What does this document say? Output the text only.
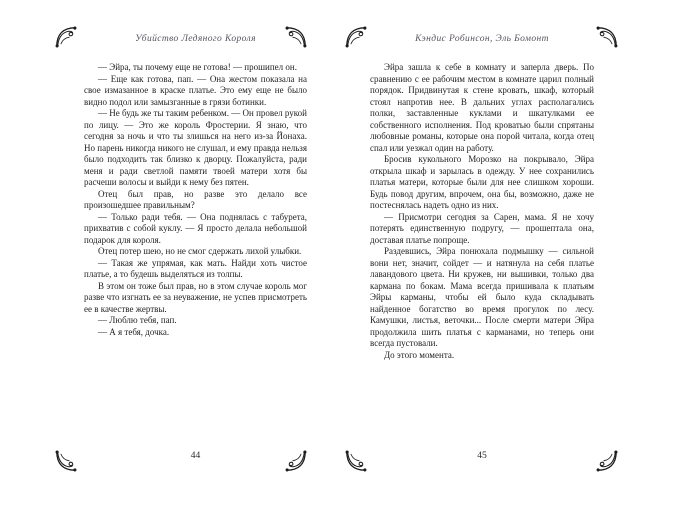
Убийство Ледяного Короля

— Эйра, ты почему еще не готова! — прошипел он.

— Еще как готова, пап. — Она жестом показала на свое измазанное в краске платье. Это ему еще не было видно подол или замызганные в грязи ботинки.

— Не будь же ты таким ребенком. — Он провел рукой по лицу. — Это же король Фростерии. Я знаю, что сегодня за ночь и что ты злишься на него из-за Йонаха. Но парень никогда никого не слушал, и ему правда нельзя было подходить так близко к дворцу. Пожалуйста, ради меня и ради светлой памяти твоей матери хотя бы расчеши волосы и выйди к нему без пятен.

Отец был прав, но разве это делало все произошедшее правильным?

— Только ради тебя. — Она поднялась с табурета, прихватив с собой куклу. — Я просто делала небольшой подарок для короля.

Отец потер шею, но не смог сдержать лихой улыбки.

— Такая же упрямая, как мать. Найди хоть чистое платье, а то будешь выделяться из толпы.

В этом он тоже был прав, но в этом случае король мог разве что изгнать ее за неуважение, не успев присмотреть ее в качестве жертвы.

— Люблю тебя, пап.

— А я тебя, дочка.

44
Кэндис Робинсон, Эль Бомонт

Эйра зашла к себе в комнату и заперла дверь. По сравнению с ее рабочим местом в комнате царил полный порядок. Придвинутая к стене кровать, шкаф, который стоял напротив нее. В дальних углах располагались полки, заставленные куклами и шкатулками ее собственного исполнения. Под кроватью были спрятаны любовные романы, которые она порой читала, когда отец спал или уезжал один на работу.

Бросив кукольного Морозко на покрывало, Эйра открыла шкаф и зарылась в одежду. У нее сохранились платья матери, которые были для нее слишком хороши. Будь повод другим, впрочем, она бы, возможно, даже не постеснялась надеть одно из них.

— Присмотри сегодня за Сарен, мама. Я не хочу потерять единственную подругу, — прошептала она, доставая платье попроще.

Раздевшись, Эйра понюхала подмышку — сильной вони нет, значит, сойдет — и натянула на себя платье лавандового цвета. Ни кружев, ни вышивки, только два кармана по бокам. Мама всегда пришивала к платьям Эйры карманы, чтобы ей было куда складывать найденное богатство во время прогулок по лесу. Камушки, листья, веточки... После смерти матери Эйра продолжила шить платья с карманами, но теперь они всегда пустовали.

До этого момента.

45
